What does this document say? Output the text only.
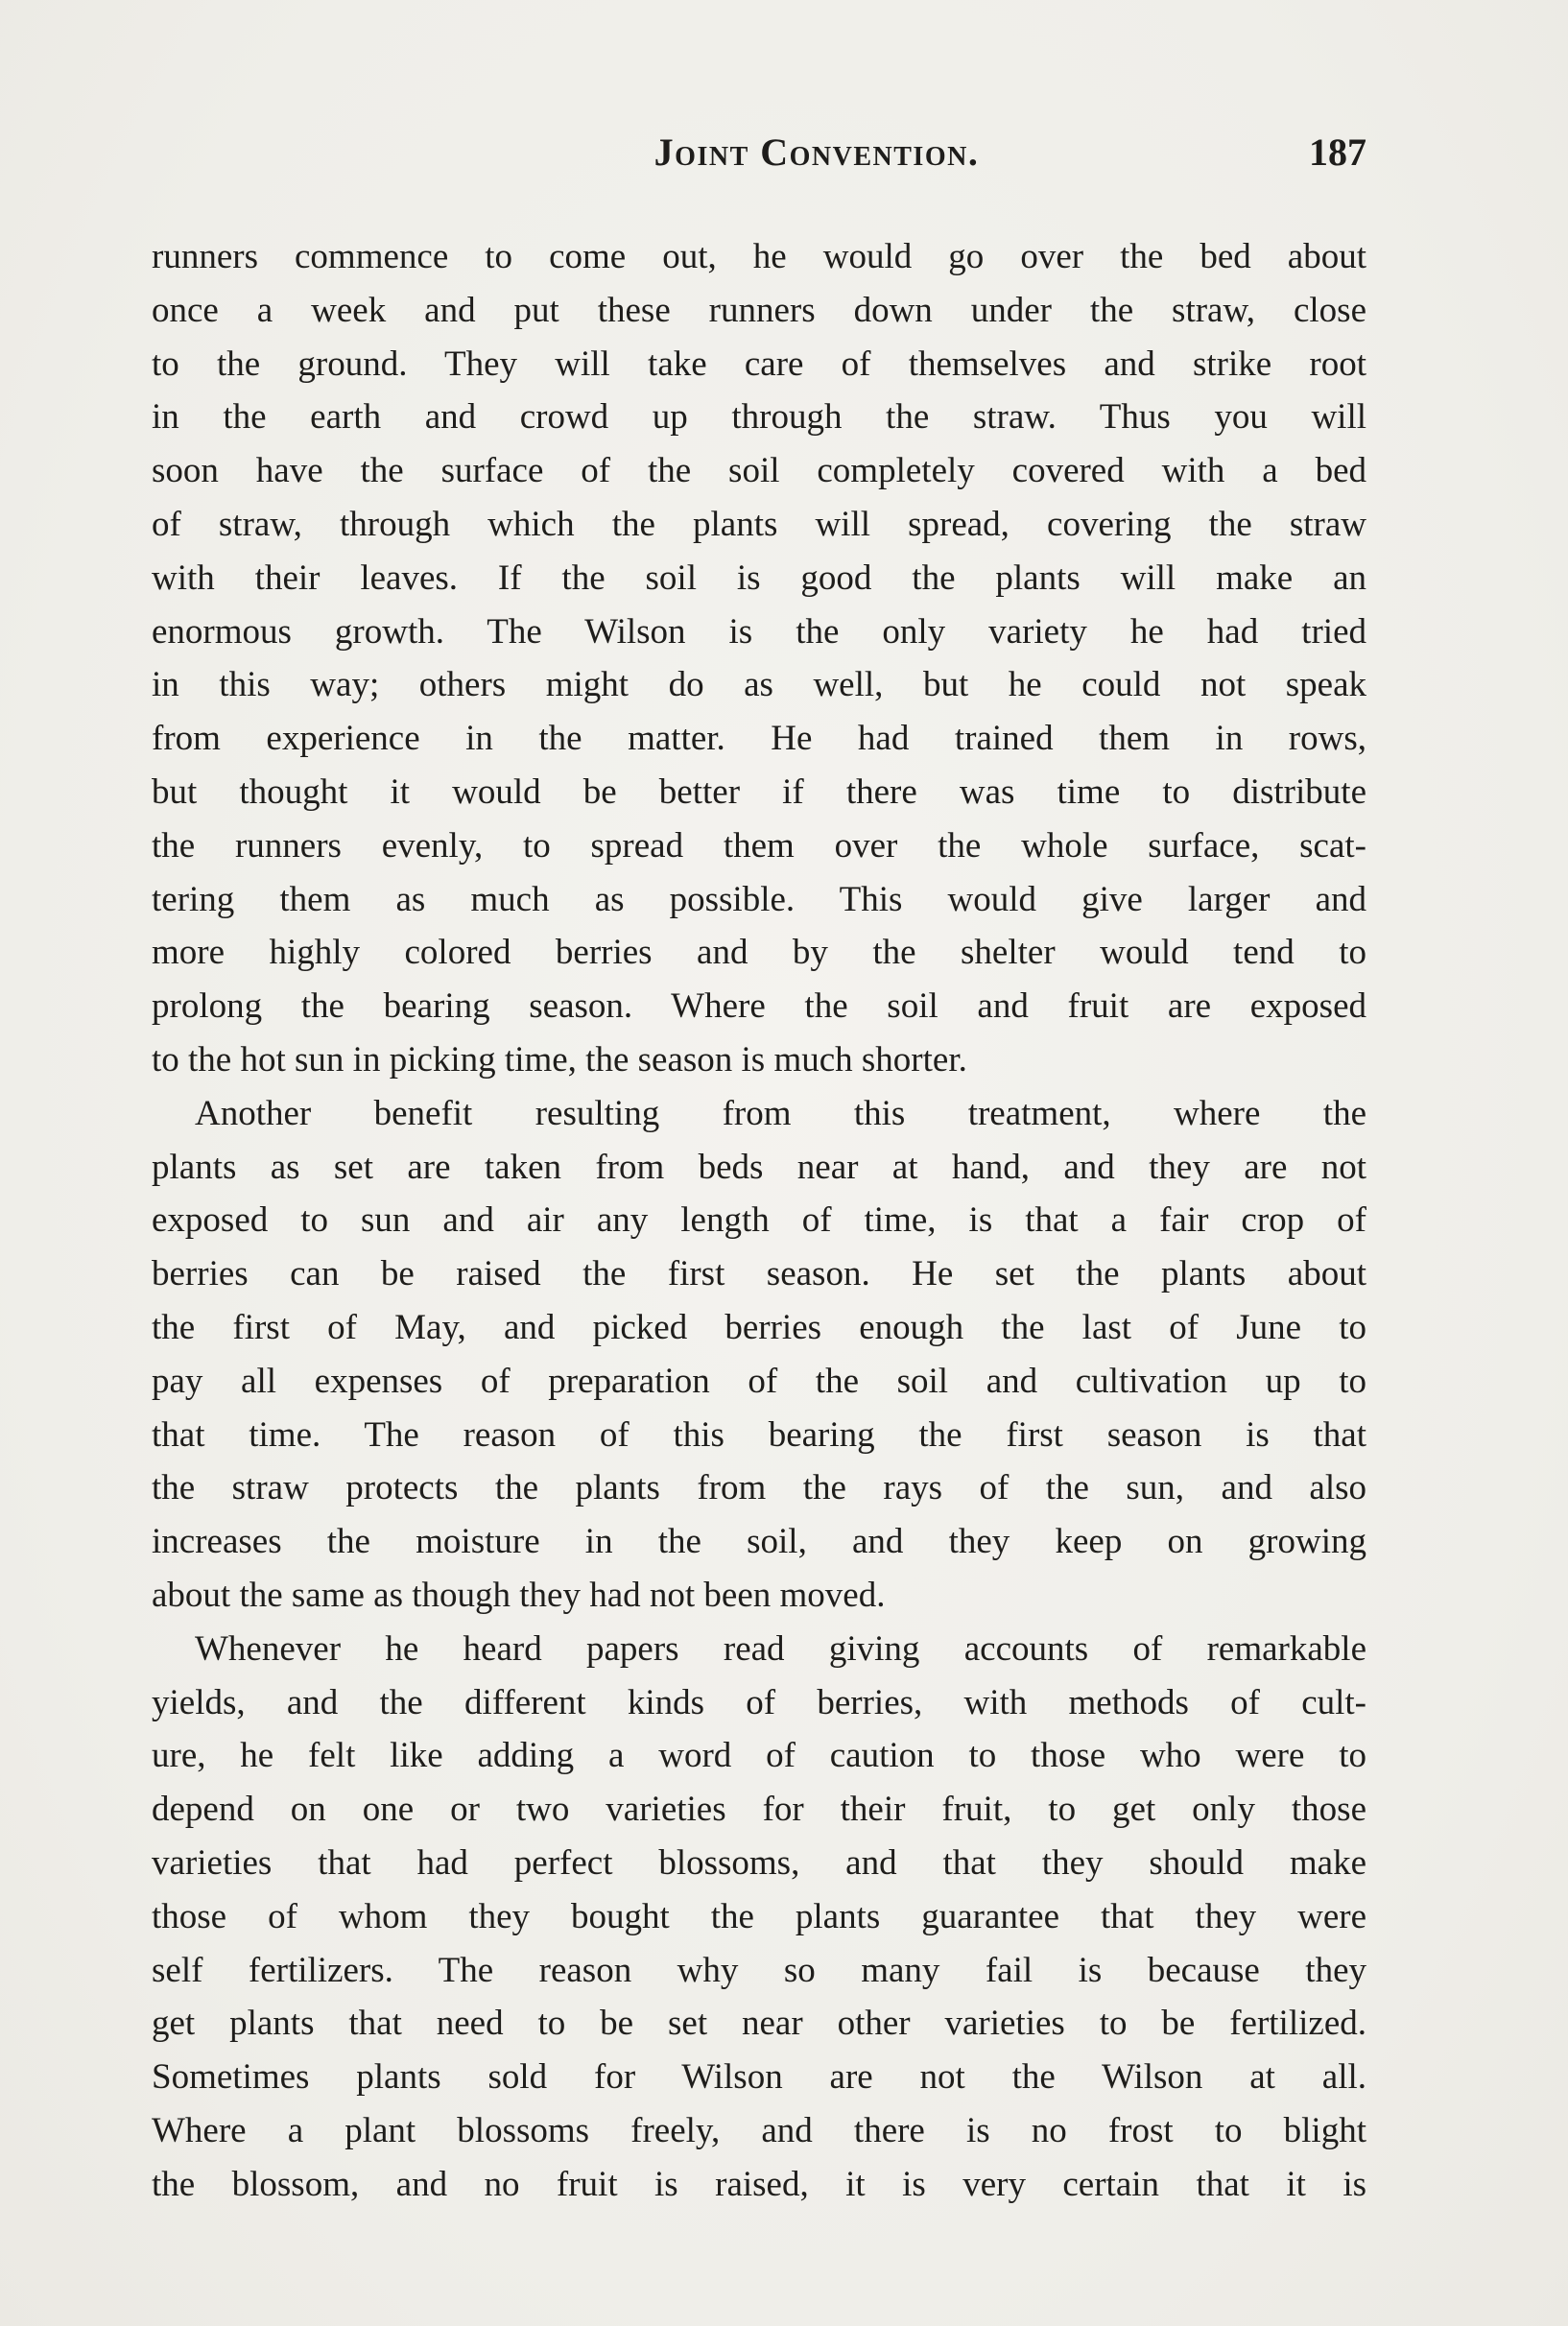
Joint Convention.	187
runners commence to come out, he would go over the bed about
once a week and put these runners down under the straw, close
to the ground. They will take care of themselves and strike root
in the earth and crowd up through the straw. Thus you will
soon have the surface of the soil completely covered with a bed
of straw, through which the plants will spread, covering the straw
with their leaves. If the soil is good the plants will make an
enormous growth. The Wilson is the only variety he had tried
in this way; others might do as well, but he could not speak
from experience in the matter. He had trained them in rows,
but thought it would be better if there was time to distribute
the runners evenly, to spread them over the whole surface, scat-
tering them as much as possible. This would give larger and
more highly colored berries and by the shelter would tend to
prolong the bearing season. Where the soil and fruit are exposed
to the hot sun in picking time, the season is much shorter.
Another benefit resulting from this treatment, where the
plants as set are taken from beds near at hand, and they are not
exposed to sun and air any length of time, is that a fair crop of
berries can be raised the first season. He set the plants about
the first of May, and picked berries enough the last of June to
pay all expenses of preparation of the soil and cultivation up to
that time. The reason of this bearing the first season is that
the straw protects the plants from the rays of the sun, and also
increases the moisture in the soil, and they keep on growing
about the same as though they had not been moved.
Whenever he heard papers read giving accounts of remarkable
yields, and the different kinds of berries, with methods of cult-
ure, he felt like adding a word of caution to those who were to
depend on one or two varieties for their fruit, to get only those
varieties that had perfect blossoms, and that they should make
those of whom they bought the plants guarantee that they were
self fertilizers. The reason why so many fail is because they
get plants that need to be set near other varieties to be fertilized.
Sometimes plants sold for Wilson are not the Wilson at all.
Where a plant blossoms freely, and there is no frost to blight
the blossom, and no fruit is raised, it is very certain that it is
